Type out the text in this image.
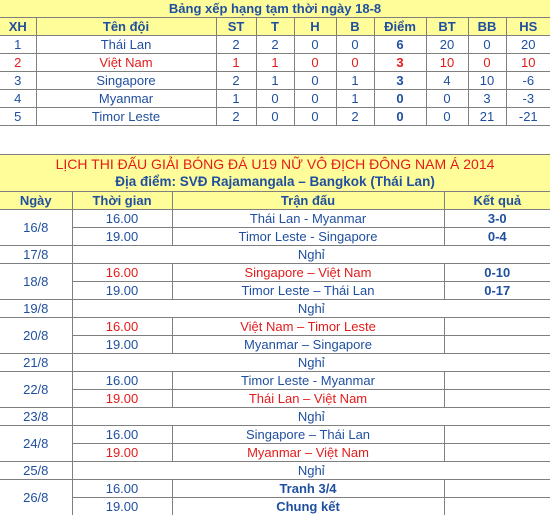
Bảng xếp hạng tạm thời ngày 18-8									
XH	Tên đội	ST	T	H	B	Điểm	BT	BB	HS
1	Thái Lan	2	2	0	0	6	20	0	20
2	Việt Nam	1	1	0	0	3	10	0	10
3	Singapore	2	1	0	1	3	4	10	-6
4	Myanmar	1	0	0	1	0	0	3	-3
5	Timor Leste	2	0	0	2	0	0	21	-21
LỊCH THI ĐẤU GIẢI BÓNG ĐÁ U19 NỮ VÔ ĐỊCH ĐÔNG NAM Á 2014			
Địa điểm: SVĐ Rajamangala – Bangkok (Thái Lan)			
Ngày	Thời gian	Trận đấu	Kết quả
16/8	16.00	Thái Lan - Myanmar	3-0
	19.00	Timor Leste - Singapore	0-4
17/8	Nghỉ		
18/8	16.00	Singapore – Việt Nam	0-10
	19.00	Timor Leste – Thái Lan	0-17
19/8	Nghỉ		
20/8	16.00	Việt Nam – Timor Leste	
	19.00	Myanmar – Singapore	
21/8	Nghỉ		
22/8	16.00	Timor Leste - Myanmar	
	19.00	Thái Lan – Việt Nam	
23/8	Nghỉ		
24/8	16.00	Singapore – Thái Lan	
	19.00	Myanmar – Việt Nam	
25/8	Nghỉ		
26/8	16.00	Tranh 3/4	
	19.00	Chung kết	
